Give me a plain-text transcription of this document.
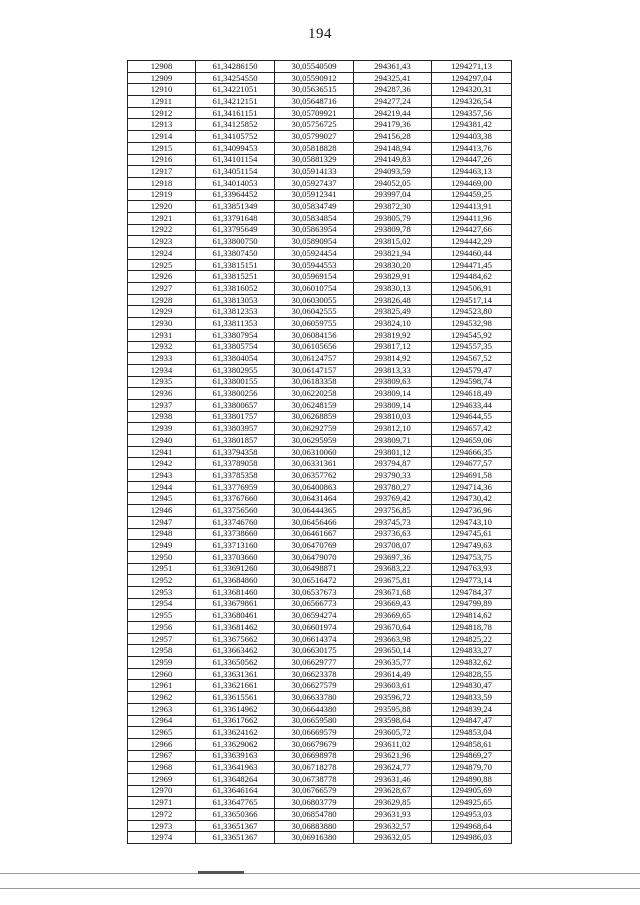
194
12908	61,34286150	30,05540509	294361,43	1294271,13
12909	61,34254550	30,05590912	294325,41	1294297,04
12910	61,34221051	30,05636515	294287,36	1294320,31
12911	61,34212151	30,05648716	294277,24	1294326,54
12912	61,34161151	30,05709921	294219,44	1294357,56
12913	61,34125852	30,05756725	294179,36	1294381,42
12914	61,34105752	30,05799027	294156,28	1294403,38
12915	61,34099453	30,05818828	294148,94	1294413,76
12916	61,34101154	30,05881329	294149,83	1294447,26
12917	61,34051154	30,05914133	294093,59	1294463,13
12918	61,34014053	30,05927437	294052,05	1294469,00
12919	61,33964452	30,05912341	293997,04	1294459,25
12920	61,33851349	30,05834749	293872,30	1294413,91
12921	61,33791648	30,05834854	293805,79	1294411,96
12922	61,33795649	30,05863954	293809,78	1294427,66
12923	61,33800750	30,05890954	293815,02	1294442,29
12924	61,33807450	30,05924454	293821,94	1294460,44
12925	61,33815151	30,05944553	293830,20	1294471,45
12926	61,33815251	30,05969154	293829,91	1294484,62
12927	61,33816052	30,06010754	293830,13	1294506,91
12928	61,33813053	30,06030055	293826,48	1294517,14
12929	61,33812353	30,06042555	293825,49	1294523,80
12930	61,33811353	30,06059755	293824,10	1294532,98
12931	61,33807954	30,06084156	293819,92	1294545,92
12932	61,33805754	30,06105656	293817,12	1294557,35
12933	61,33804054	30,06124757	293814,92	1294567,52
12934	61,33802955	30,06147157	293813,33	1294579,47
12935	61,33800155	30,06183358	293809,63	1294598,74
12936	61,33800256	30,06220258	293809,14	1294618,49
12937	61,33800657	30,06248159	293809,14	1294633,44
12938	61,33801757	30,06268859	293810,03	1294644,55
12939	61,33803957	30,06292759	293812,10	1294657,42
12940	61,33801857	30,06295959	293809,71	1294659,06
12941	61,33794358	30,06310060	293801,12	1294666,35
12942	61,33789058	30,06331361	293794,87	1294677,57
12943	61,33785358	30,06357762	293790,33	1294691,58
12944	61,33776959	30,06400863	293780,27	1294714,36
12945	61,33767660	30,06431464	293769,42	1294730,42
12946	61,33756560	30,06444365	293756,85	1294736,96
12947	61,33746760	30,06456466	293745,73	1294743,10
12948	61,33738660	30,06461667	293736,63	1294745,61
12949	61,33713160	30,06470769	293708,07	1294749,63
12950	61,33703660	30,06479070	293697,36	1294753,75
12951	61,33691260	30,06498871	293683,22	1294763,93
12952	61,33684860	30,06516472	293675,81	1294773,14
12953	61,33681460	30,06537673	293671,68	1294784,37
12954	61,33679861	30,06566773	293669,43	1294799,89
12955	61,33680461	30,06594274	293669,65	1294814,62
12956	61,33681462	30,06601974	293670,64	1294818,78
12957	61,33675662	30,06614374	293663,98	1294825,22
12958	61,33663462	30,06630175	293650,14	1294833,27
12959	61,33650562	30,06629777	293635,77	1294832,62
12960	61,33631361	30,06623378	293614,49	1294828,55
12961	61,33621661	30,06627579	293603,61	1294830,47
12962	61,33615561	30,06633780	293596,72	1294833,59
12963	61,33614962	30,06644380	293595,88	1294839,24
12964	61,33617662	30,06659580	293598,64	1294847,47
12965	61,33624162	30,06669579	293605,72	1294853,04
12966	61,33629062	30,06679679	293611,02	1294858,61
12967	61,33639163	30,06698978	293621,96	1294869,27
12968	61,33641963	30,06718278	293624,77	1294879,70
12969	61,33648264	30,06738778	293631,46	1294890,88
12970	61,33646164	30,06766579	293628,67	1294905,69
12971	61,33647765	30,06803779	293629,85	1294925,65
12972	61,33650366	30,06854780	293631,93	1294953,03
12973	61,33651367	30,06883880	293632,57	1294968,64
12974	61,33651367	30,06916380	293632,05	1294986,03
